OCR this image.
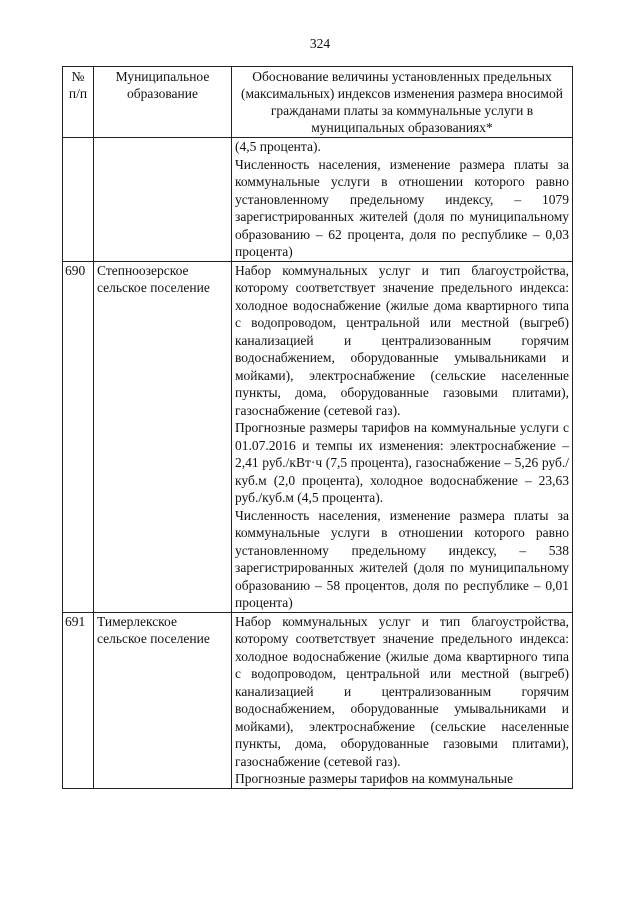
324
№ п/п	Муниципальное образование	Обоснование величины установленных предельных (максимальных) индексов изменения размера вносимой гражданами платы за коммунальные услуги в муниципальных образованиях*

		(4,5 процента).

Численность населения, изменение размера платы за коммунальные услуги в отношении которого равно установленному предельному индексу, – 1079 зарегистрированных жителей (доля по муниципальному образованию – 62 процента, доля по республике – 0,03 процента)

690	Степноозерское сельское поселение	Набор коммунальных услуг и тип благоустройства, которому соответствует значение предельного индекса: холодное водоснабжение (жилые дома квартирного типа с водопроводом, центральной или местной (выгреб) канализацией и централизованным горячим водоснабжением, оборудованные умывальниками и мойками), электроснабжение (сельские населенные пункты, дома, оборудованные газовыми плитами), газоснабжение (сетевой газ).

Прогнозные размеры тарифов на коммунальные услуги с 01.07.2016 и темпы их изменения: электроснабжение – 2,41 руб./кВт·ч (7,5 процента), газоснабжение – 5,26 руб./куб.м (2,0 процента), холодное водоснабжение – 23,63 руб./куб.м (4,5 процента).

Численность населения, изменение размера платы за коммунальные услуги в отношении которого равно установленному предельному индексу, – 538 зарегистрированных жителей (доля по муниципальному образованию – 58 процентов, доля по республике – 0,01 процента)

691	Тимерлекское сельское поселение	Набор коммунальных услуг и тип благоустройства, которому соответствует значение предельного индекса: холодное водоснабжение (жилые дома квартирного типа с водопроводом, центральной или местной (выгреб) канализацией и централизованным горячим водоснабжением, оборудованные умывальниками и мойками), электроснабжение (сельские населенные пункты, дома, оборудованные газовыми плитами), газоснабжение (сетевой газ).

Прогнозные размеры тарифов на коммунальные
